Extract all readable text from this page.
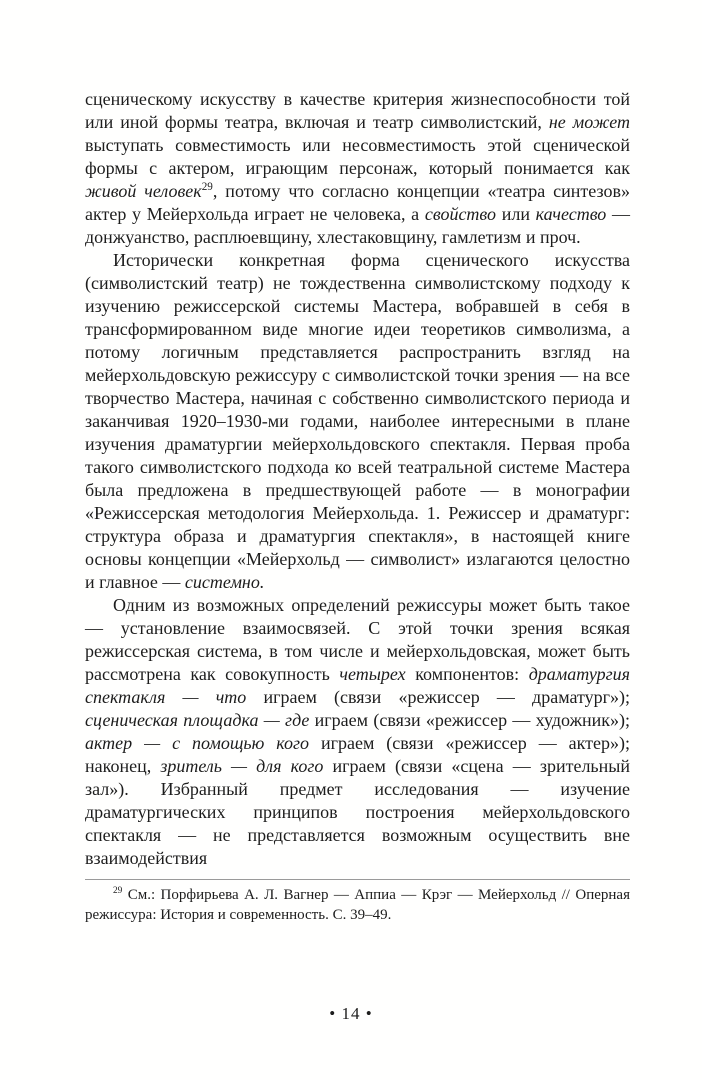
сценическому искусству в качестве критерия жизнеспособности той или иной формы театра, включая и театр символистский, не может выступать совместимость или несовместимость этой сценической формы с актером, играющим персонаж, который понимается как живой человек$^{29}$, потому что согласно концепции «театра синтезов» актер у Мейерхольда играет не человека, а свойство или качество — донжуанство, расплюевщину, хлестаковщину, гамлетизм и проч.

Исторически конкретная форма сценического искусства (символистский театр) не тождественна символистскому подходу к изучению режиссерской системы Мастера, вобравшей в себя в трансформированном виде многие идеи теоретиков символизма, а потому логичным представляется распространить взгляд на мейерхольдовскую режиссуру с символистской точки зрения — на все творчество Мастера, начиная с собственно символистского периода и заканчивая 1920–1930-ми годами, наиболее интересными в плане изучения драматургии мейерхольдовского спектакля. Первая проба такого символистского подхода ко всей театральной системе Мастера была предложена в предшествующей работе — в монографии «Режиссерская методология Мейерхольда. 1. Режиссер и драматург: структура образа и драматургия спектакля», в настоящей книге основы концепции «Мейерхольд — символист» излагаются целостно и главное — системно.

Одним из возможных определений режиссуры может быть такое — установление взаимосвязей. С этой точки зрения всякая режиссерская система, в том числе и мейерхольдовская, может быть рассмотрена как совокупность четырех компонентов: драматургия спектакля — что играем (связи «режиссер — драматург»); сценическая площадка — где играем (связи «режиссер — художник»); актер — с помощью кого играем (связи «режиссер — актер»); наконец, зритель — для кого играем (связи «сцена — зрительный зал»). Избранный предмет исследования — изучение драматургических принципов построения мейерхольдовского спектакля — не представляется возможным осуществить вне взаимодействия

$^{29}$ См.: Порфирьева А. Л. Вагнер — Аппиа — Крэг — Мейерхольд // Оперная режиссура: История и современность. С. 39–49.

• 14 •
